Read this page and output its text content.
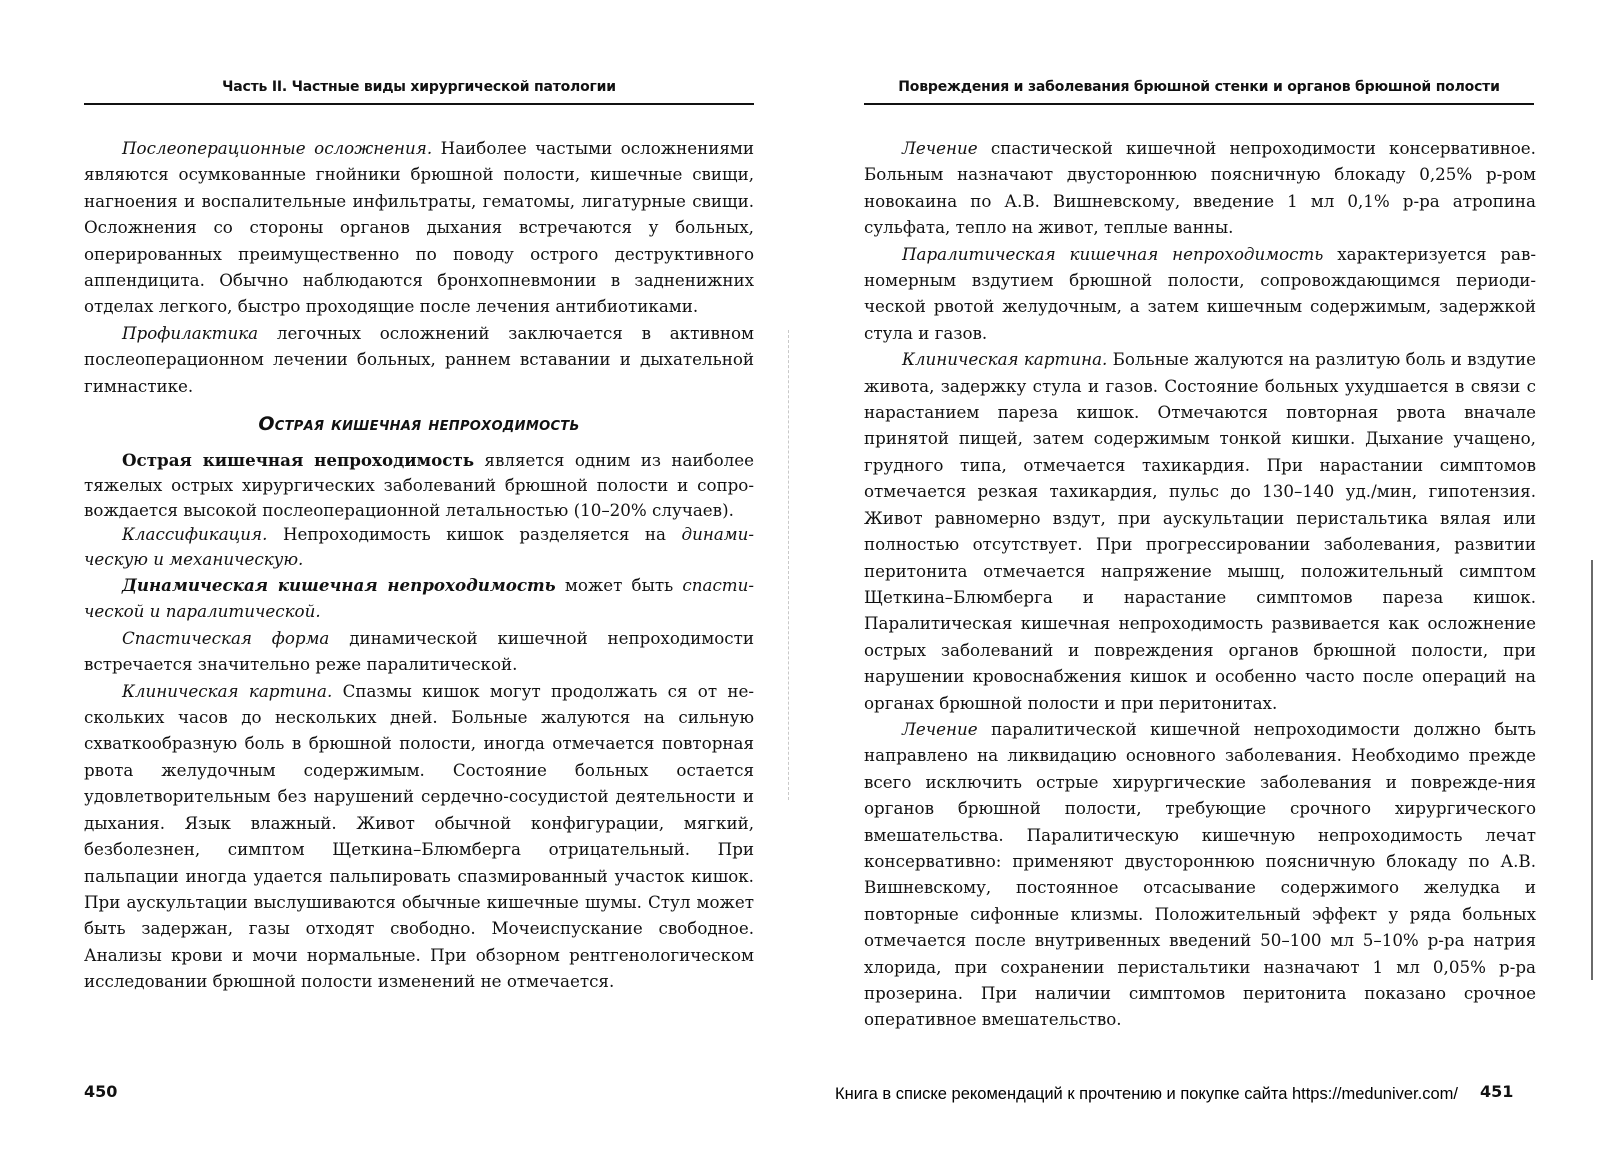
Часть II. Частные виды хирургической патологии

Послеоперационные осложнения. Наиболее частыми осложнениями являются осумкованные гнойники брюшной полости, кишечные свищи, нагноения и воспалительные инфильтраты, гематомы, лигатурные свищи. Осложнения со стороны органов дыхания встречаются у больных, оперированных преимущественно по поводу острого деструктивного аппендицита. Обычно наблюдаются бронхопневмонии в задненижних отделах легкого, быстро проходящие после лечения антибиотиками.

Профилактика легочных осложнений заключается в активном послеоперационном лечении больных, раннем вставании и дыхательной гимнастике.

Острая кишечная непроходимость

Острая кишечная непроходимость является одним из наиболее тяжелых острых хирургических заболеваний брюшной полости и сопровождается высокой послеоперационной летальностью (10–20% случаев).

Классификация. Непроходимость кишок разделяется на динамическую и механическую.

Динамическая кишечная непроходимость может быть спастической и паралитической.

Спастическая форма динамической кишечной непроходимости встречается значительно реже паралитической.

Клиническая картина. Спазмы кишок могут продолжать ся от нескольких часов до нескольких дней. Больные жалуются на сильную схваткообразную боль в брюшной полости, иногда отмечается повторная рвота желудочным содержимым. Состояние больных остается удовлетворительным без нарушений сердечно-сосудистой деятельности и дыхания. Язык влажный. Живот обычной конфигурации, мягкий, безболезнен, симптом Щеткина–Блюмберга отрицательный. При пальпации иногда удается пальпировать спазмированный участок кишок. При аускультации выслушиваются обычные кишечные шумы. Стул может быть задержан, газы отходят свободно. Мочеиспускание свободное. Анализы крови и мочи нормальные. При обзорном рентгенологическом исследовании брюшной полости изменений не отмечается.

450
Повреждения и заболевания брюшной стенки и органов брюшной полости

Лечение спастической кишечной непроходимости консервативное. Больным назначают двустороннюю поясничную блокаду 0,25% р-ром новокаина по А.В. Вишневскому, введение 1 мл 0,1% р-ра атропина сульфата, тепло на живот, теплые ванны.

Паралитическая кишечная непроходимость характеризуется равномерным вздутием брюшной полости, сопровождающимся периодической рвотой желудочным, а затем кишечным содержимым, задержкой стула и газов.

Клиническая картина. Больные жалуются на разлитую боль и вздутие живота, задержку стула и газов. Состояние больных ухудшается в связи с нарастанием пареза кишок. Отмечаются повторная рвота вначале принятой пищей, затем содержимым тонкой кишки. Дыхание учащено, грудного типа, отмечается тахикардия. При нарастании симптомов отмечается резкая тахикардия, пульс до 130–140 уд./мин, гипотензия. Живот равномерно вздут, при аускультации перистальтика вялая или полностью отсутствует. При прогрессировании заболевания, развитии перитонита отмечается напряжение мышц, положительный симптом Щеткина–Блюмберга и нарастание симптомов пареза кишок. Паралитическая кишечная непроходимость развивается как осложнение острых заболеваний и повреждения органов брюшной полости, при нарушении кровоснабжения кишок и особенно часто после операций на органах брюшной полости и при перитонитах.

Лечение паралитической кишечной непроходимости должно быть направлено на ликвидацию основного заболевания. Необходимо прежде всего исключить острые хирургические заболевания и поврежде-ния органов брюшной полости, требующие срочного хирургического вмешательства. Паралитическую кишечную непроходимость лечат консервативно: применяют двустороннюю поясничную блокаду по А.В. Вишневскому, постоянное отсасывание содержимого желудка и повторные сифонные клизмы. Положительный эффект у ряда больных отмечается после внутривенных введений 50–100 мл 5–10% р-ра натрия хлорида, при сохранении перистальтики назначают 1 мл 0,05% р-ра прозерина. При наличии симптомов перитонита показано срочное оперативное вмешательство.

451
Книга в списке рекомендаций к прочтению и покупке сайта https://meduniver.com/
